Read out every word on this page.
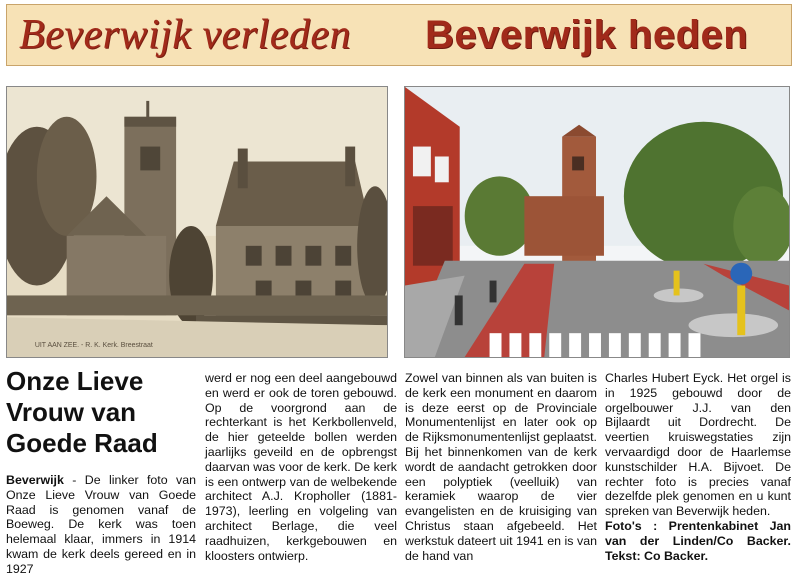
Beverwijk verleden Beverwijk heden
UIT AAN ZEE. - R. K. Kerk. Breestraat
Onze Lieve Vrouw van Goede Raad
Beverwijk - De linker foto van Onze Lieve Vrouw van Goede Raad is genomen vanaf de Boeweg. De kerk was toen helemaal klaar, immers in 1914 kwam de kerk deels gereed en in 1927
werd er nog een deel aangebouwd en werd er ook de toren gebouwd. Op de voorgrond aan de rechterkant is het Kerkbollenveld, de hier geteelde bollen werden jaarlijks geveild en de opbrengst daarvan was voor de kerk. De kerk is een ontwerp van de welbekende architect A.J. Kropholler (1881-1973), leerling en volgeling van architect Berlage, die veel raadhuizen, kerkgebouwen en kloosters ontwierp.
Zowel van binnen als van buiten is de kerk een monument en daarom is deze eerst op de Provinciale Monumentenlijst en later ook op de Rijksmonumentenlijst geplaatst. Bij het binnenkomen van de kerk wordt de aandacht getrokken door een polyptiek (veelluik) van keramiek waarop de vier evangelisten en de kruisiging van Christus staan afgebeeld. Het werkstuk dateert uit 1941 en is van de hand van
Charles Hubert Eyck. Het orgel is in 1925 gebouwd door de orgelbouwer J.J. van den Bijlaardt uit Dordrecht. De veertien kruiswegstaties zijn vervaardigd door de Haarlemse kunstschilder H.A. Bijvoet. De rechter foto is precies vanaf dezelfde plek genomen en u kunt spreken van Beverwijk heden.
Foto's : Prentenkabinet Jan van der Linden/Co Backer. Tekst: Co Backer.
